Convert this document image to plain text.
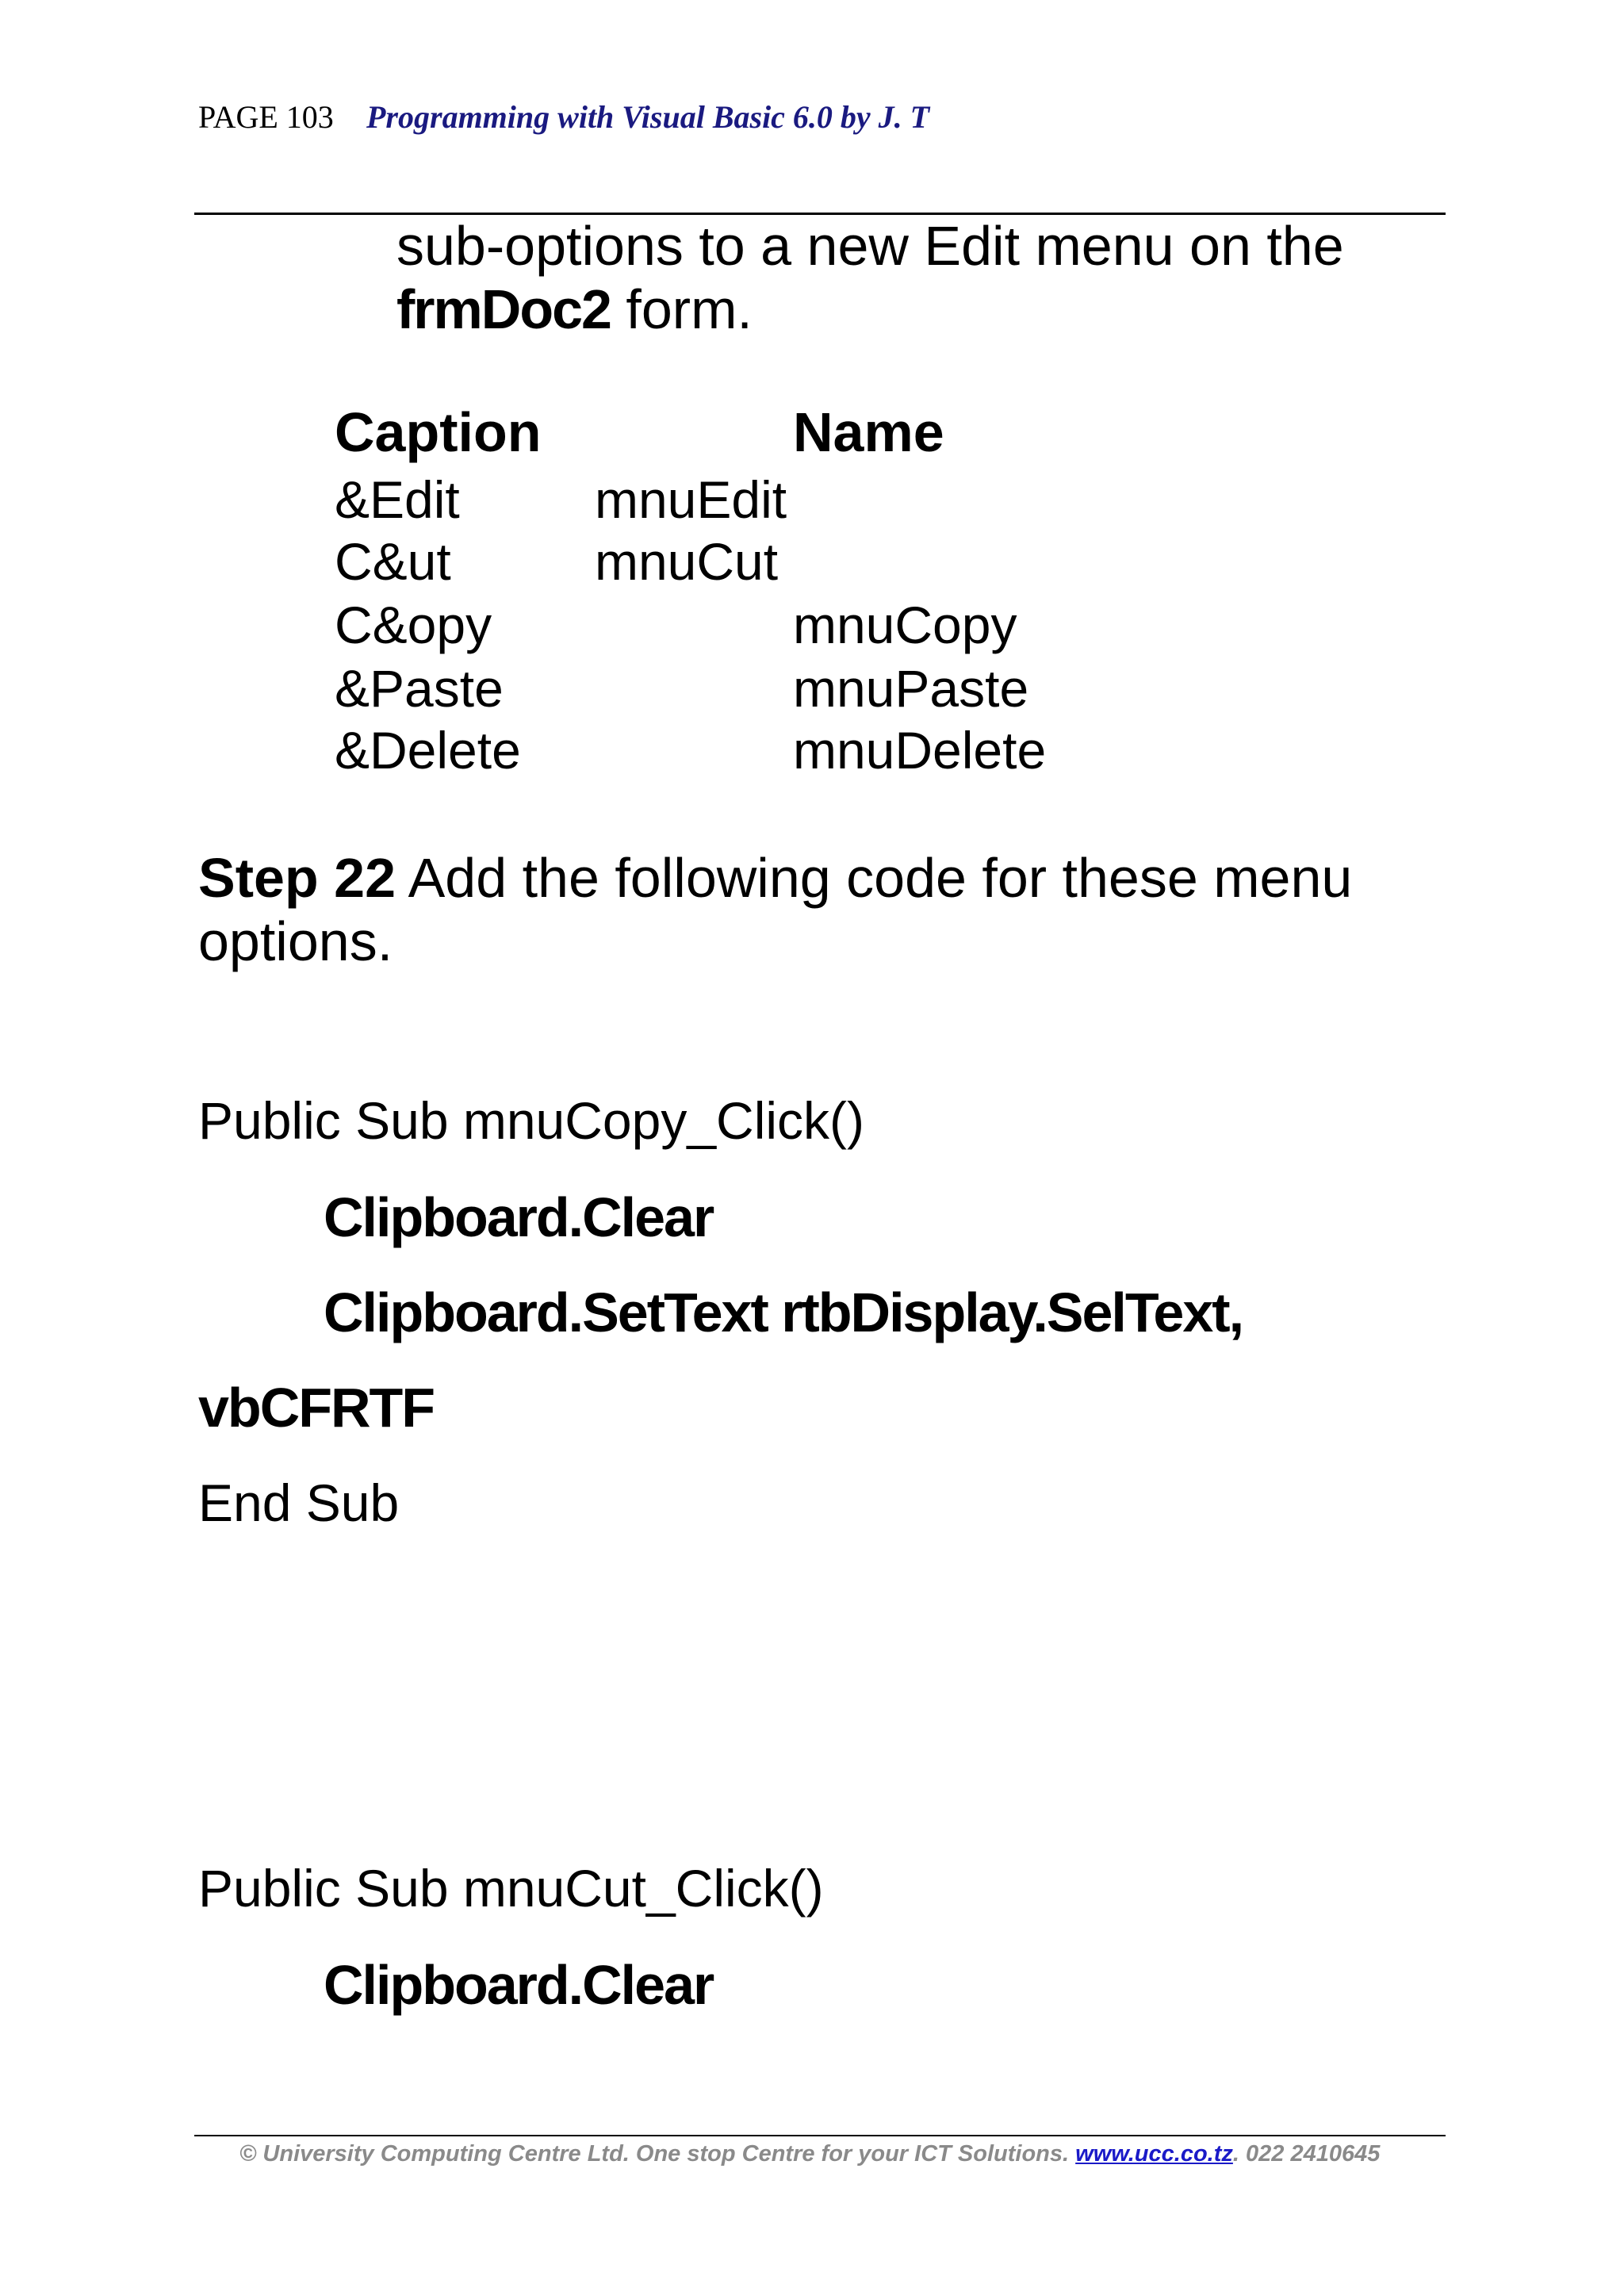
PAGE 103 Programming with Visual Basic 6.0 by J. T
sub-options to a new Edit menu on the
frmDoc2 form.
Caption	Name
&Edit	mnuEdit
C&ut	mnuCut
C&opy	mnuCopy
&Paste	mnuPaste
&Delete	mnuDelete
Step 22 Add the following code for these menu
options.
Public Sub mnuCopy_Click()
Clipboard.Clear
Clipboard.SetText rtbDisplay.SelText,
vbCFRTF
End Sub
Public Sub mnuCut_Click()
Clipboard.Clear
© University Computing Centre Ltd. One stop Centre for your ICT Solutions. www.ucc.co.tz. 022 2410645
